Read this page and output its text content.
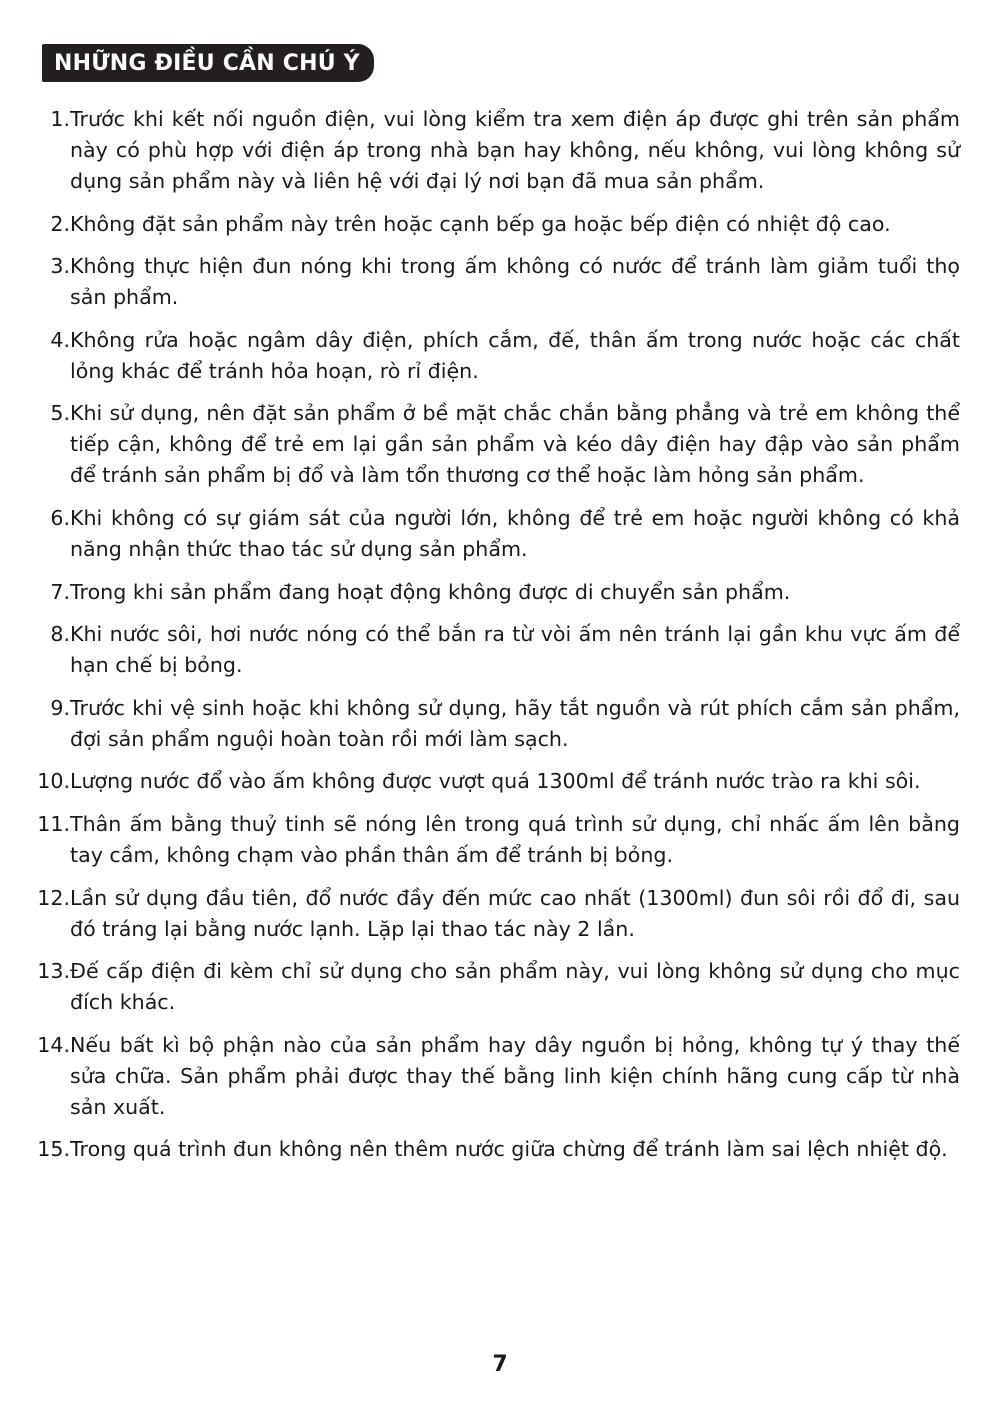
NHỮNG ĐIỀU CẦN CHÚ Ý
1. Trước khi kết nối nguồn điện, vui lòng kiểm tra xem điện áp được ghi trên sản phẩm này có phù hợp với điện áp trong nhà bạn hay không, nếu không, vui lòng không sử dụng sản phẩm này và liên hệ với đại lý nơi bạn đã mua sản phẩm.
2. Không đặt sản phẩm này trên hoặc cạnh bếp ga hoặc bếp điện có nhiệt độ cao.
3. Không thực hiện đun nóng khi trong ấm không có nước để tránh làm giảm tuổi thọ sản phẩm.
4. Không rửa hoặc ngâm dây điện, phích cắm, đế, thân ấm trong nước hoặc các chất lỏng khác để tránh hỏa hoạn, rò rỉ điện.
5. Khi sử dụng, nên đặt sản phẩm ở bề mặt chắc chắn bằng phẳng và trẻ em không thể tiếp cận, không để trẻ em lại gần sản phẩm và kéo dây điện hay đập vào sản phẩm để tránh sản phẩm bị đổ và làm tổn thương cơ thể hoặc làm hỏng sản phẩm.
6. Khi không có sự giám sát của người lớn, không để trẻ em hoặc người không có khả năng nhận thức thao tác sử dụng sản phẩm.
7. Trong khi sản phẩm đang hoạt động không được di chuyển sản phẩm.
8. Khi nước sôi, hơi nước nóng có thể bắn ra từ vòi ấm nên tránh lại gần khu vực ấm để hạn chế bị bỏng.
9. Trước khi vệ sinh hoặc khi không sử dụng, hãy tắt nguồn và rút phích cắm sản phẩm, đợi sản phẩm nguội hoàn toàn rồi mới làm sạch.
10. Lượng nước đổ vào ấm không được vượt quá 1300ml để tránh nước trào ra khi sôi.
11. Thân ấm bằng thuỷ tinh sẽ nóng lên trong quá trình sử dụng, chỉ nhấc ấm lên bằng tay cầm, không chạm vào phần thân ấm để tránh bị bỏng.
12. Lần sử dụng đầu tiên, đổ nước đầy đến mức cao nhất (1300ml) đun sôi rồi đổ đi, sau đó tráng lại bằng nước lạnh. Lặp lại thao tác này 2 lần.
13. Đế cấp điện đi kèm chỉ sử dụng cho sản phẩm này, vui lòng không sử dụng cho mục đích khác.
14. Nếu bất kì bộ phận nào của sản phẩm hay dây nguồn bị hỏng, không tự ý thay thế sửa chữa. Sản phẩm phải được thay thế bằng linh kiện chính hãng cung cấp từ nhà sản xuất.
15. Trong quá trình đun không nên thêm nước giữa chừng để tránh làm sai lệch nhiệt độ.
7
